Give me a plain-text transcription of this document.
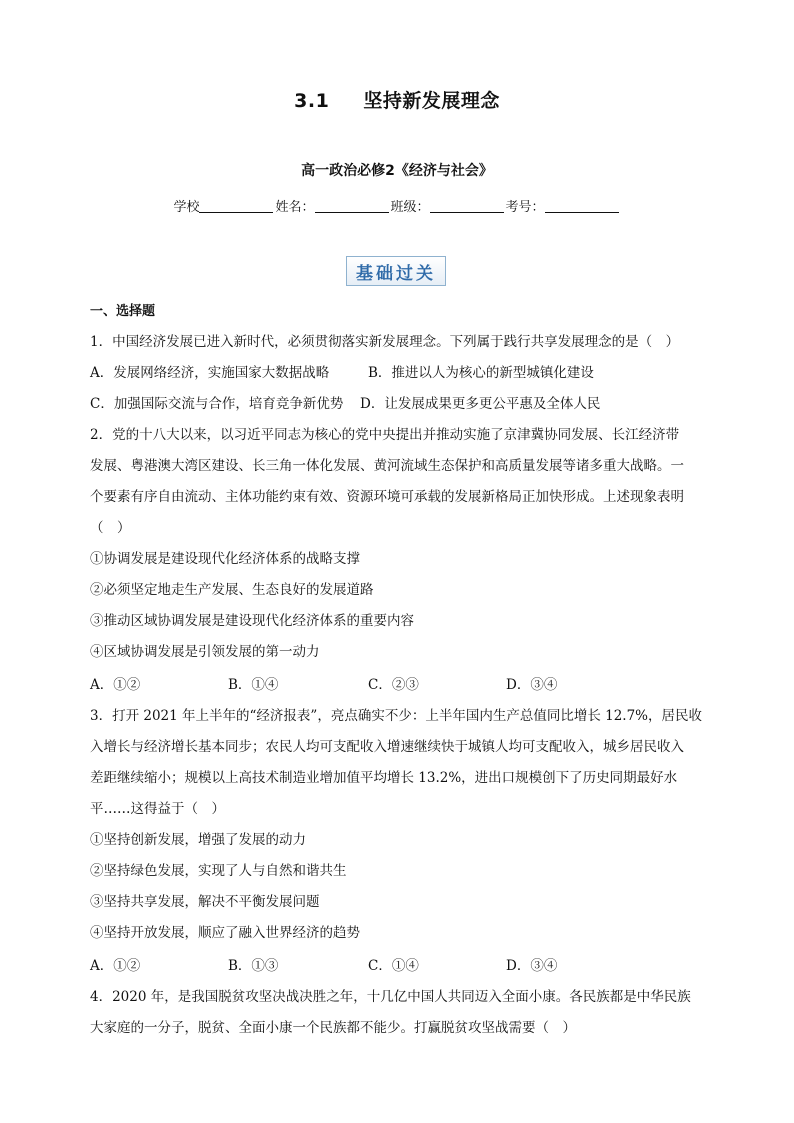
3.1 坚持新发展理念
高一政治必修2《经济与社会》
学校	姓名：	班级：	考号：
基础过关
一、选择题
1．中国经济发展已进入新时代，必须贯彻落实新发展理念。下列属于践行共享发展理念的是（　）
A．发展网络经济，实施国家大数据战略	B．推进以人为核心的新型城镇化建设
C．加强国际交流与合作，培育竞争新优势 D．让发展成果更多更公平惠及全体人民
2．党的十八大以来，以习近平同志为核心的党中央提出并推动实施了京津冀协同发展、长江经济带
发展、粤港澳大湾区建设、长三角一体化发展、黄河流域生态保护和高质量发展等诸多重大战略。一
个要素有序自由流动、主体功能约束有效、资源环境可承载的发展新格局正加快形成。上述现象表明
（　）
①协调发展是建设现代化经济体系的战略支撑
②必须坚定地走生产发展、生态良好的发展道路
③推动区域协调发展是建设现代化经济体系的重要内容
④区域协调发展是引领发展的第一动力
A．①②	B．①④	C．②③	D．③④
3．打开 2021 年上半年的“经济报表”，亮点确实不少：上半年国内生产总值同比增长 12.7%，居民收
入增长与经济增长基本同步；农民人均可支配收入增速继续快于城镇人均可支配收入，城乡居民收入
差距继续缩小；规模以上高技术制造业增加值平均增长 13.2%，进出口规模创下了历史同期最好水
平……这得益于（　）
①坚持创新发展，增强了发展的动力
②坚持绿色发展，实现了人与自然和谐共生
③坚持共享发展，解决不平衡发展问题
④坚持开放发展，顺应了融入世界经济的趋势
A．①②	B．①③	C．①④	D．③④
4．2020 年，是我国脱贫攻坚决战决胜之年，十几亿中国人共同迈入全面小康。各民族都是中华民族
大家庭的一分子，脱贫、全面小康一个民族都不能少。打赢脱贫攻坚战需要（　）
